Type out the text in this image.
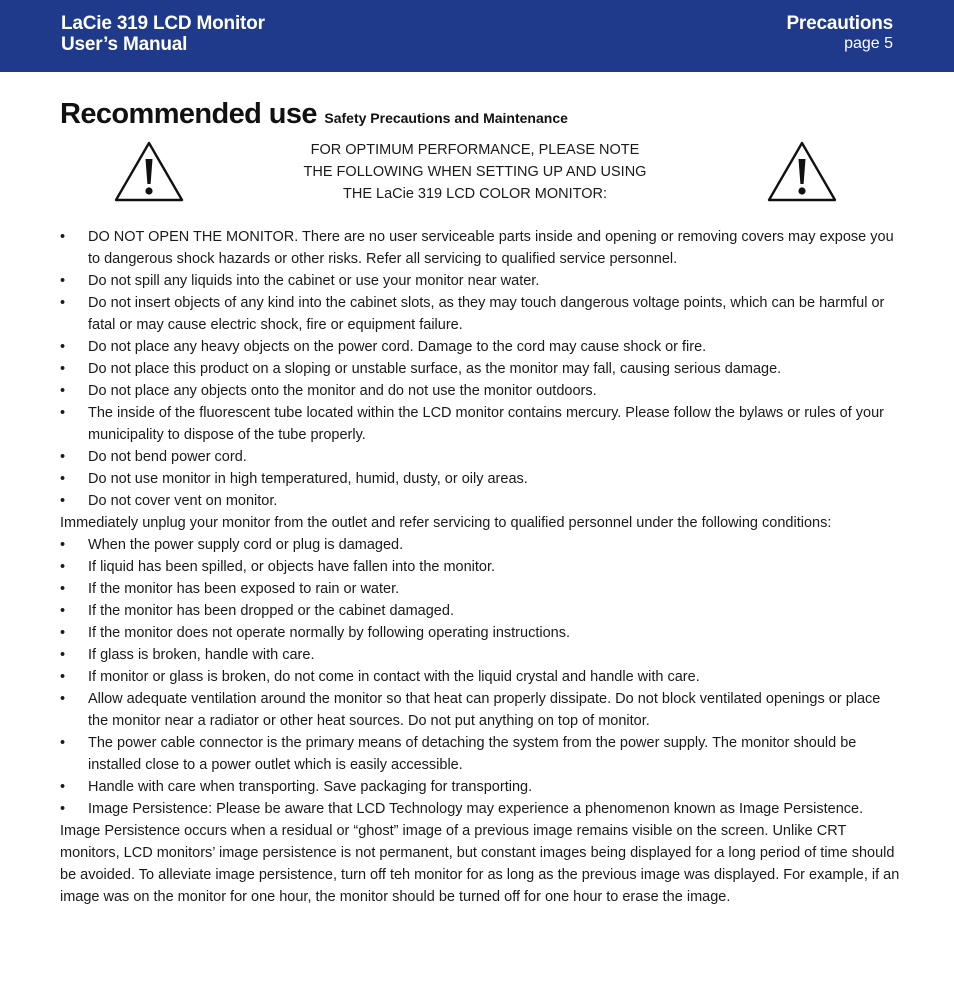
LaCie 319 LCD Monitor
User’s Manual
Precautions
page 5
Recommended use Safety Precautions and Maintenance
FOR OPTIMUM PERFORMANCE, PLEASE NOTE
THE FOLLOWING WHEN SETTING UP AND USING
THE LaCie 319 LCD COLOR MONITOR:
• DO NOT OPEN THE MONITOR. There are no user serviceable parts inside and opening or removing covers may expose you to dangerous shock hazards or other risks. Refer all servicing to qualified service personnel.
• Do not spill any liquids into the cabinet or use your monitor near water.
• Do not insert objects of any kind into the cabinet slots, as they may touch dangerous voltage points, which can be harmful or fatal or may cause electric shock, fire or equipment failure.
• Do not place any heavy objects on the power cord. Damage to the cord may cause shock or fire.
• Do not place this product on a sloping or unstable surface, as the monitor may fall, causing serious damage.
• Do not place any objects onto the monitor and do not use the monitor outdoors.
• The inside of the fluorescent tube located within the LCD monitor contains mercury. Please follow the bylaws or rules of your municipality to dispose of the tube properly.
• Do not bend power cord.
• Do not use monitor in high temperatured, humid, dusty, or oily areas.
• Do not cover vent on monitor.

Immediately unplug your monitor from the outlet and refer servicing to qualified personnel under the following conditions:

• When the power supply cord or plug is damaged.
• If liquid has been spilled, or objects have fallen into the monitor.
• If the monitor has been exposed to rain or water.
• If the monitor has been dropped or the cabinet damaged.
• If the monitor does not operate normally by following operating instructions.
• If glass is broken, handle with care.
• If monitor or glass is broken, do not come in contact with the liquid crystal and handle with care.
• Allow adequate ventilation around the monitor so that heat can properly dissipate. Do not block ventilated openings or place the monitor near a radiator or other heat sources. Do not put anything on top of monitor.
• The power cable connector is the primary means of detaching the system from the power supply. The monitor should be installed close to a power outlet which is easily accessible.
• Handle with care when transporting. Save packaging for transporting.
• Image Persistence: Please be aware that LCD Technology may experience a phenomenon known as Image Persistence.

Image Persistence occurs when a residual or “ghost” image of a previous image remains visible on the screen. Unlike CRT monitors, LCD monitors’ image persistence is not permanent, but constant images being displayed for a long period of time should be avoided. To alleviate image persistence, turn off teh monitor for as long as the previous image was displayed. For example, if an image was on the monitor for one hour, the monitor should be turned off for one hour to erase the image.
